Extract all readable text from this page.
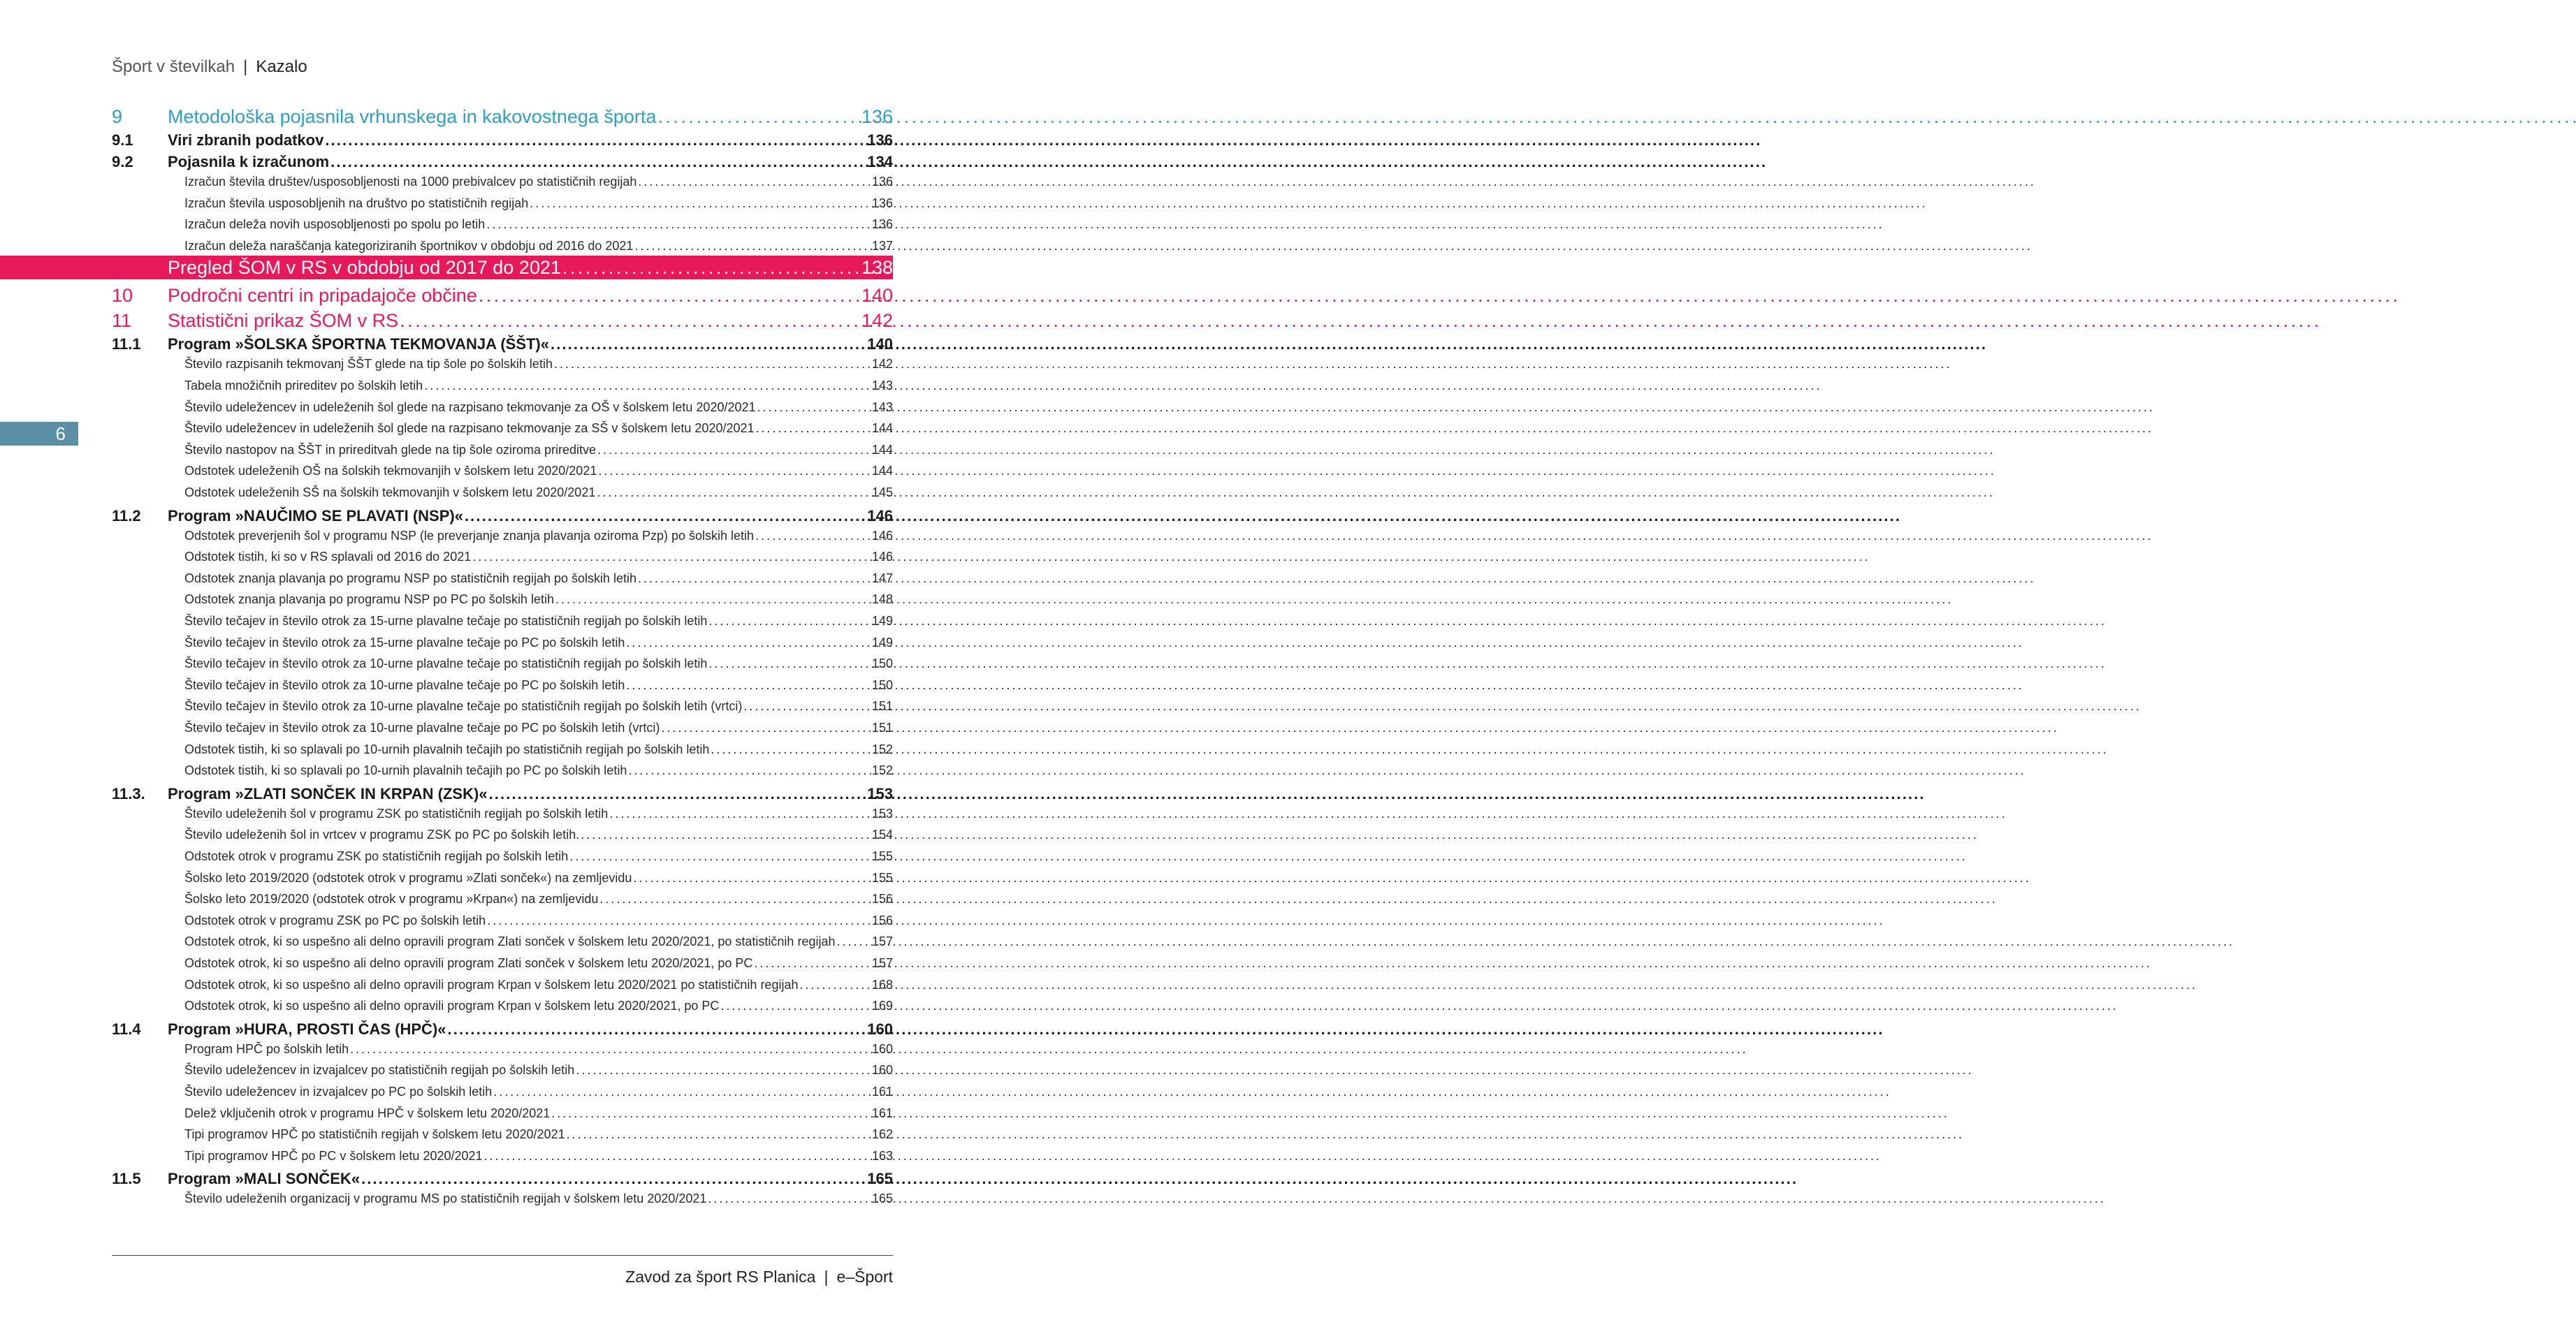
Šport v številkah | Kazalo
6
9	Metodološka pojasnila vrhunskega in kakovostnega športa . . .	136
9.1	Viri zbranih podatkov . . .	136
9.2	Pojasnila k izračunom . . .	134
Izračun števila društev/usposobljenosti na 1000 prebivalcev po statističnih regijah . . .	136
Izračun števila usposobljenih na društvo po statističnih regijah . . .	136
Izračun deleža novih usposobljenosti po spolu po letih . . .	136
Izračun deleža naraščanja kategoriziranih športnikov v obdobju od 2016 do 2021 . . .	137
Pregled ŠOM v RS v obdobju od 2017 do 2021 . . .	138
10	Področni centri in pripadajoče občine . . .	140
11	Statistični prikaz ŠOM v RS . . .	142
11.1	Program »ŠOLSKA ŠPORTNA TEKMOVANJA (ŠŠT)« . . .	140
Število razpisanih tekmovanj ŠŠT glede na tip šole po šolskih letih . . .	142
Tabela množičnih prireditev po šolskih letih . . .	143
Število udeležencev in udeleženih šol glede na razpisano tekmovanje za OŠ v šolskem letu 2020/2021 . . .	143
Število udeležencev in udeleženih šol glede na razpisano tekmovanje za SŠ v šolskem letu 2020/2021 . . .	144
Število nastopov na ŠŠT in prireditvah glede na tip šole oziroma prireditve . . .	144
Odstotek udeleženih OŠ na šolskih tekmovanjih v šolskem letu 2020/2021 . . .	144
Odstotek udeleženih SŠ na šolskih tekmovanjih v šolskem letu 2020/2021 . . .	145
11.2	Program »NAUČIMO SE PLAVATI (NSP)« . . .	146
Odstotek preverjenih šol v programu NSP (le preverjanje znanja plavanja oziroma Pzp) po šolskih letih . . .	146
Odstotek tistih, ki so v RS splavali od 2016 do 2021 . . .	146
Odstotek znanja plavanja po programu NSP po statističnih regijah po šolskih letih . . .	147
Odstotek znanja plavanja po programu NSP po PC po šolskih letih . . .	148
Število tečajev in število otrok za 15-urne plavalne tečaje po statističnih regijah po šolskih letih . . .	149
Število tečajev in število otrok za 15-urne plavalne tečaje po PC po šolskih letih . . .	149
Število tečajev in število otrok za 10-urne plavalne tečaje po statističnih regijah po šolskih letih . . .	150
Število tečajev in število otrok za 10-urne plavalne tečaje po PC po šolskih letih . . .	150
Število tečajev in število otrok za 10-urne plavalne tečaje po statističnih regijah po šolskih letih (vrtci) . . .	151
Število tečajev in število otrok za 10-urne plavalne tečaje po PC po šolskih letih (vrtci) . . .	151
Odstotek tistih, ki so splavali po 10-urnih plavalnih tečajih po statističnih regijah po šolskih letih . . .	152
Odstotek tistih, ki so splavali po 10-urnih plavalnih tečajih po PC po šolskih letih . . .	152
11.3.	Program »ZLATI SONČEK IN KRPAN (ZSK)« . . .	153
Število udeleženih šol v programu ZSK po statističnih regijah po šolskih letih . . .	153
Število udeleženih šol in vrtcev v programu ZSK po PC po šolskih letih. . . .	154
Odstotek otrok v programu ZSK po statističnih regijah po šolskih letih . . .	155
Šolsko leto 2019/2020 (odstotek otrok v programu »Zlati sonček«) na zemljevidu . . .	155
Šolsko leto 2019/2020 (odstotek otrok v programu »Krpan«) na zemljevidu . . .	156
Odstotek otrok v programu ZSK po PC po šolskih letih . . .	156
Odstotek otrok, ki so uspešno ali delno opravili program Zlati sonček v šolskem letu 2020/2021, po statističnih regijah . . .	157
Odstotek otrok, ki so uspešno ali delno opravili program Zlati sonček v šolskem letu 2020/2021, po PC . . .	157
Odstotek otrok, ki so uspešno ali delno opravili program Krpan v šolskem letu 2020/2021 po statističnih regijah . . .	168
Odstotek otrok, ki so uspešno ali delno opravili program Krpan v šolskem letu 2020/2021, po PC . . .	169
11.4	Program »HURA, PROSTI ČAS (HPČ)« . . .	160
Program HPČ po šolskih letih . . .	160
Število udeležencev in izvajalcev po statističnih regijah po šolskih letih . . .	160
Število udeležencev in izvajalcev po PC po šolskih letih . . .	161
Delež vključenih otrok v programu HPČ v šolskem letu 2020/2021 . . .	161
Tipi programov HPČ po statističnih regijah v šolskem letu 2020/2021 . . .	162
Tipi programov HPČ po PC v šolskem letu 2020/2021 . . .	163
11.5	Program »MALI SONČEK« . . .	165
Število udeleženih organizacij v programu MS po statističnih regijah v šolskem letu 2020/2021 . . .	165
Zavod za šport RS Planica | e–Šport
